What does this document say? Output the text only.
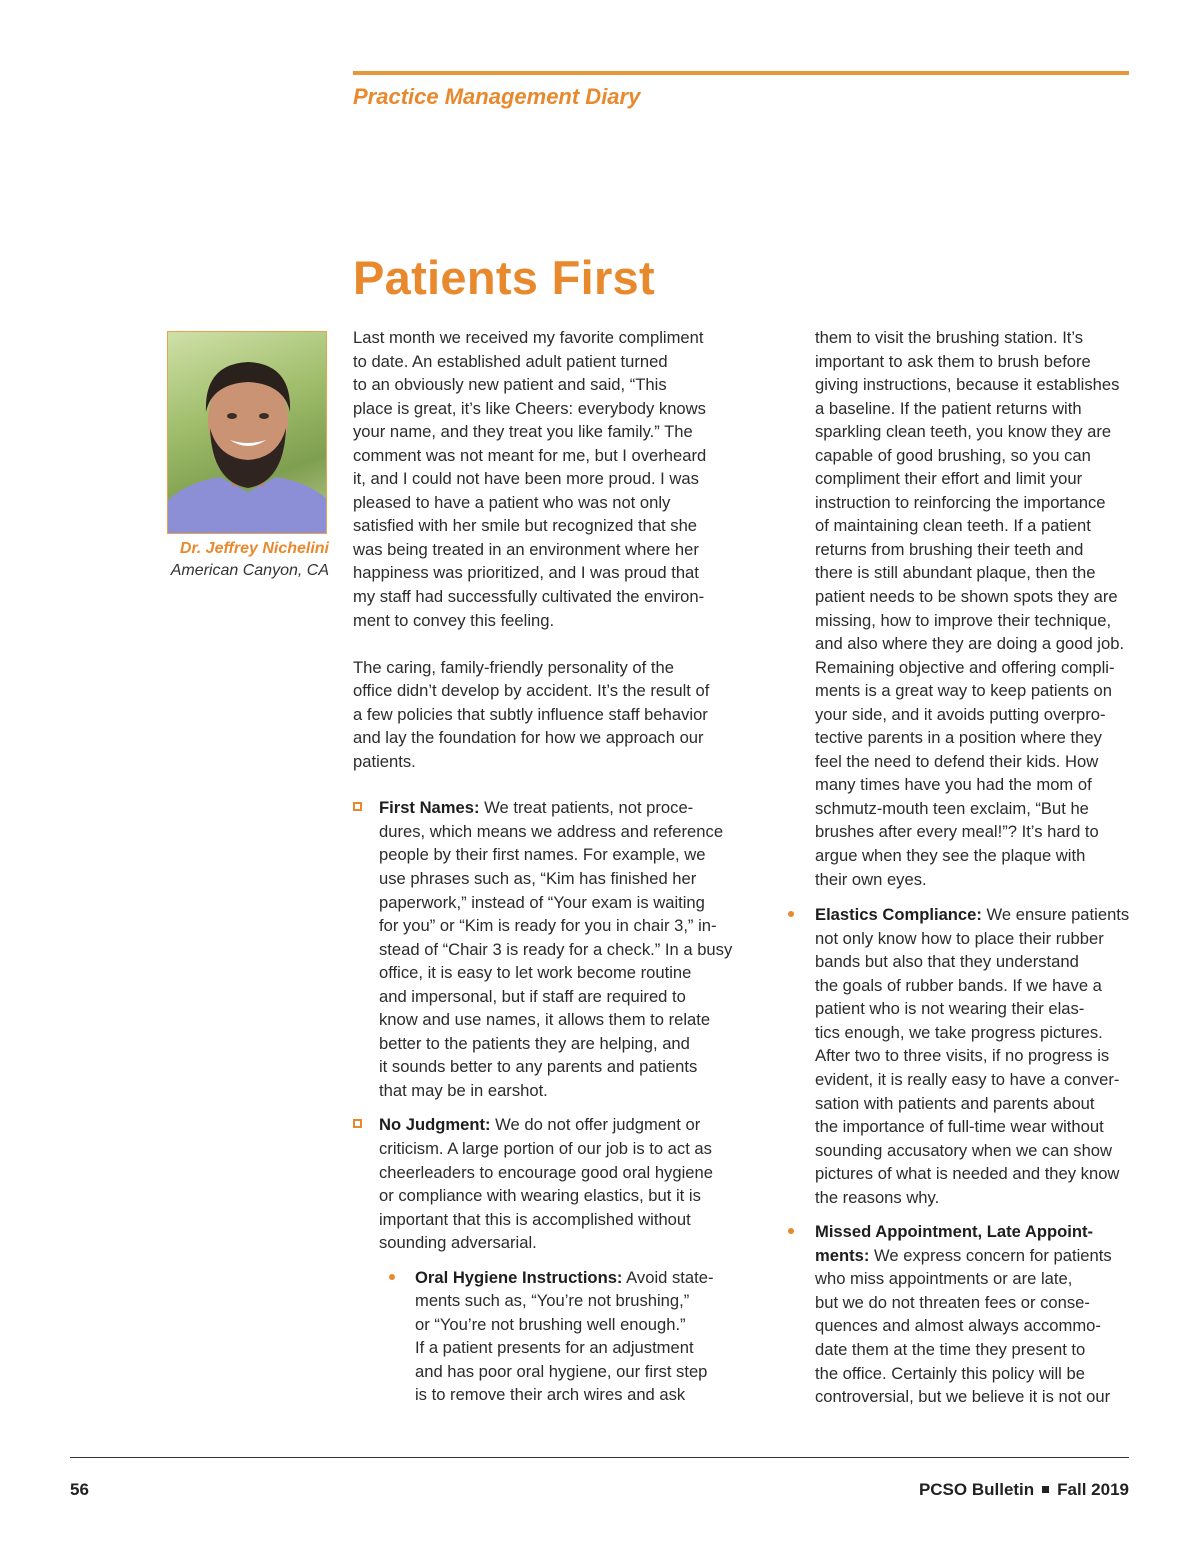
Practice Management Diary
Patients First
Dr. Jeffrey Nichelini
American Canyon, CA

Last month we received my favorite compliment

to date. An established adult patient turned

to an obviously new patient and said, “This

place is great, it’s like Cheers: everybody knows

your name, and they treat you like family.” The

comment was not meant for me, but I overheard

it, and I could not have been more proud. I was

pleased to have a patient who was not only

satisfied with her smile but recognized that she

was being treated in an environment where her

happiness was prioritized, and I was proud that

my staff had successfully cultivated the environ-

ment to convey this feeling.

The caring, family-friendly personality of the

office didn’t develop by accident. It’s the result of

a few policies that subtly influence staff behavior

and lay the foundation for how we approach our

patients.

First Names: We treat patients, not proce-

dures, which means we address and reference

people by their first names. For example, we

use phrases such as, “Kim has finished her

paperwork,” instead of “Your exam is waiting

for you” or “Kim is ready for you in chair 3,” in-

stead of “Chair 3 is ready for a check.” In a busy

office, it is easy to let work become routine

and impersonal, but if staff are required to

know and use names, it allows them to relate

better to the patients they are helping, and

it sounds better to any parents and patients

that may be in earshot.

No Judgment: We do not offer judgment or

criticism. A large portion of our job is to act as

cheerleaders to encourage good oral hygiene

or compliance with wearing elastics, but it is

important that this is accomplished without

sounding adversarial.

Oral Hygiene Instructions: Avoid state-

ments such as, “You’re not brushing,”

or “You’re not brushing well enough.”

If a patient presents for an adjustment

and has poor oral hygiene, our first step

is to remove their arch wires and ask

them to visit the brushing station. It’s

important to ask them to brush before

giving instructions, because it establishes

a baseline. If the patient returns with

sparkling clean teeth, you know they are

capable of good brushing, so you can

compliment their effort and limit your

instruction to reinforcing the importance

of maintaining clean teeth. If a patient

returns from brushing their teeth and

there is still abundant plaque, then the

patient needs to be shown spots they are

missing, how to improve their technique,

and also where they are doing a good job.

Remaining objective and offering compli-

ments is a great way to keep patients on

your side, and it avoids putting overpro-

tective parents in a position where they

feel the need to defend their kids. How

many times have you had the mom of

schmutz-mouth teen exclaim, “But he

brushes after every meal!”? It’s hard to

argue when they see the plaque with

their own eyes.

Elastics Compliance: We ensure patients

not only know how to place their rubber

bands but also that they understand

the goals of rubber bands. If we have a

patient who is not wearing their elas-

tics enough, we take progress pictures.

After two to three visits, if no progress is

evident, it is really easy to have a conver-

sation with patients and parents about

the importance of full-time wear without

sounding accusatory when we can show

pictures of what is needed and they know

the reasons why.

Missed Appointment, Late Appoint-

ments: We express concern for patients

who miss appointments or are late,

but we do not threaten fees or conse-

quences and almost always accommo-

date them at the time they present to

the office. Certainly this policy will be

controversial, but we believe it is not our

56	PCSO Bulletin Fall 2019
